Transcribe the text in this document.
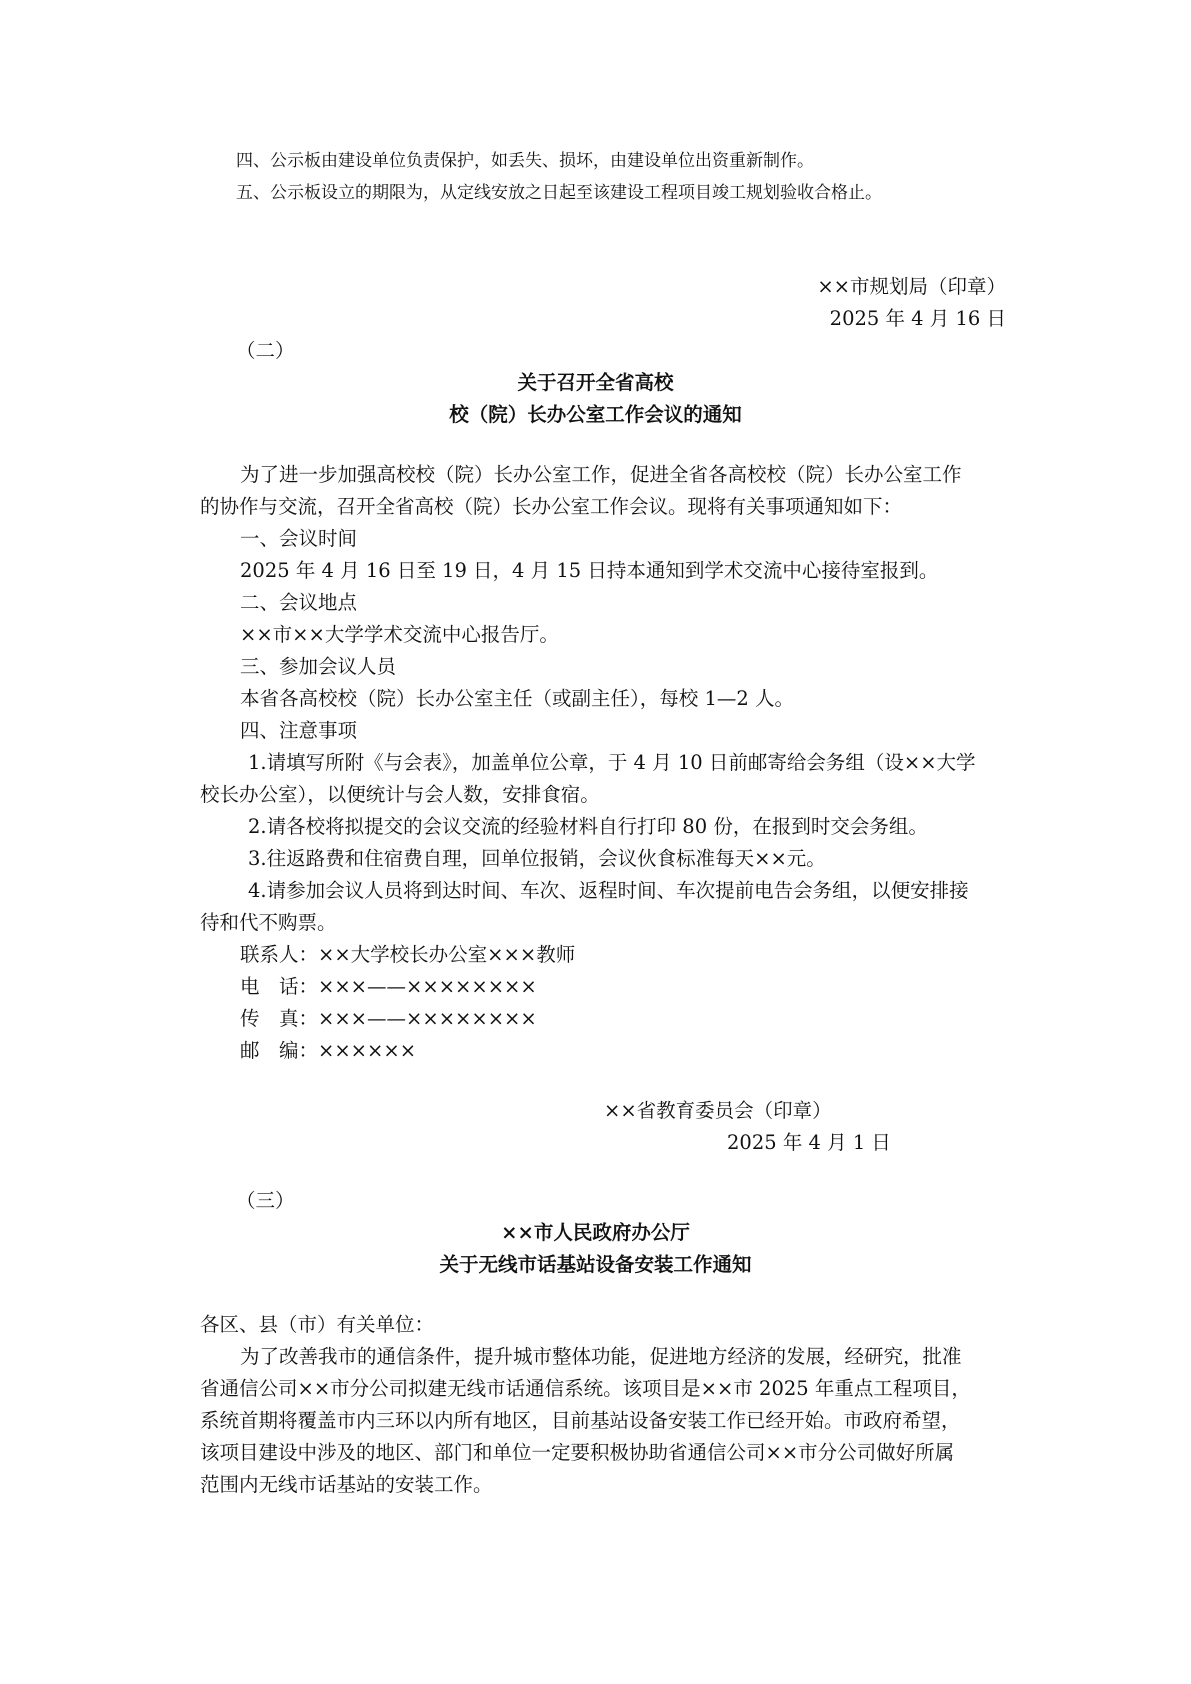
四、公示板由建设单位负责保护，如丢失、损坏，由建设单位出资重新制作。
五、公示板设立的期限为，从定线安放之日起至该建设工程项目竣工规划验收合格止。
××市规划局（印章）
2025 年 4 月 16 日
（二）
关于召开全省高校
校（院）长办公室工作会议的通知
为了进一步加强高校校（院）长办公室工作，促进全省各高校校（院）长办公室工作
的协作与交流，召开全省高校（院）长办公室工作会议。现将有关事项通知如下：
一、会议时间
2025 年 4 月 16 日至 19 日，4 月 15 日持本通知到学术交流中心接待室报到。
二、会议地点
××市××大学学术交流中心报告厅。
三、参加会议人员
本省各高校校（院）长办公室主任（或副主任），每校 1—2 人。
四、注意事项
1.请填写所附《与会表》，加盖单位公章，于 4 月 10 日前邮寄给会务组（设××大学
校长办公室），以便统计与会人数，安排食宿。
2.请各校将拟提交的会议交流的经验材料自行打印 80 份，在报到时交会务组。
3.往返路费和住宿费自理，回单位报销，会议伙食标准每天××元。
4.请参加会议人员将到达时间、车次、返程时间、车次提前电告会务组，以便安排接
待和代不购票。
联系人：××大学校长办公室×××教师
电　话：×××——××××××××
传　真：×××——××××××××
邮　编：××××××
××省教育委员会（印章）
2025 年 4 月 1 日
（三）
××市人民政府办公厅
关于无线市话基站设备安装工作通知
各区、县（市）有关单位：
为了改善我市的通信条件，提升城市整体功能，促进地方经济的发展，经研究，批准
省通信公司××市分公司拟建无线市话通信系统。该项目是××市 2025 年重点工程项目，
系统首期将覆盖市内三环以内所有地区，目前基站设备安装工作已经开始。市政府希望，
该项目建设中涉及的地区、部门和单位一定要积极协助省通信公司××市分公司做好所属
范围内无线市话基站的安装工作。
